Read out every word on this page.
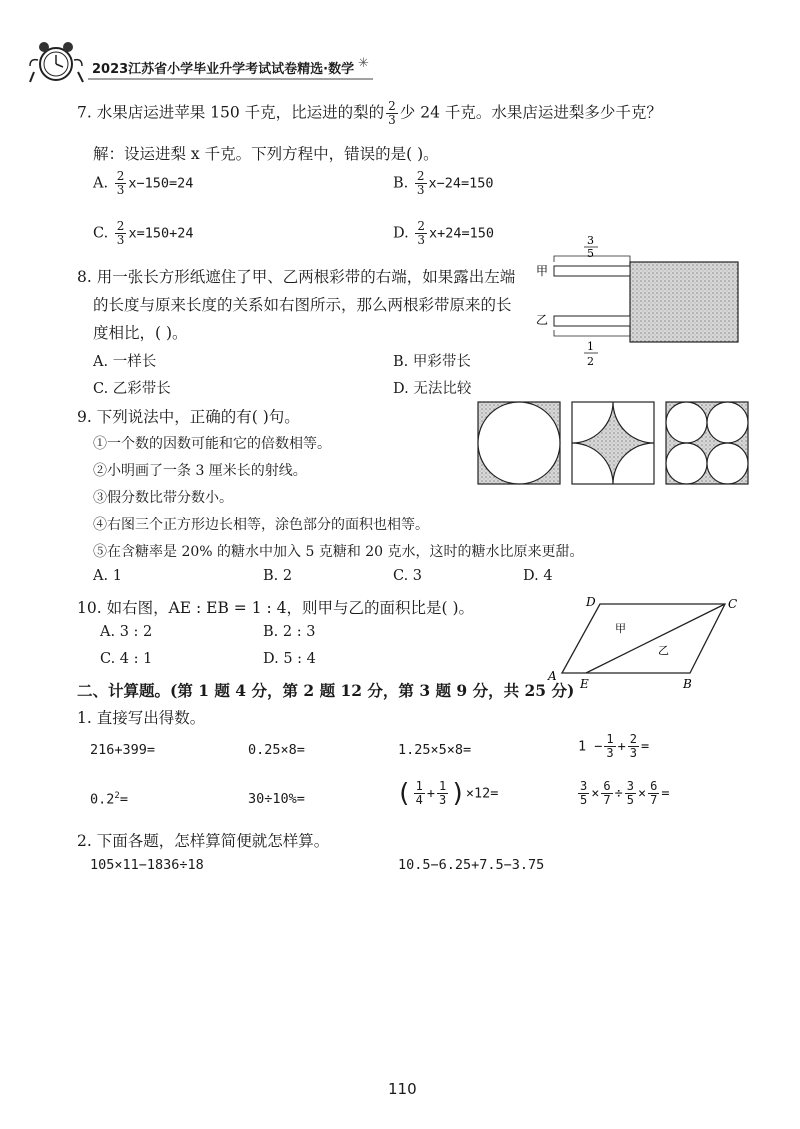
2023江苏省小学毕业升学考试试卷精选·数学 ✳
7. 水果店运进苹果 150 千克，比运进的梨的 $\frac{2}{3}$ 少 24 千克。水果店运进梨多少千克？
解：设运进梨 x 千克。下列方程中，错误的是( )。
A. $\frac{2}{3} x-150=24$	B. $\frac{2}{3} x-24=150$
C. $\frac{2}{3} x=150+24$	D. $\frac{2}{3} x+24=150$
8. 用一张长方形纸遮住了甲、乙两根彩带的右端，如果露出左端
的长度与原来长度的关系如右图所示，那么两根彩带原来的长
度相比，( )。
A. 一样长	B. 甲彩带长
C. 乙彩带长	D. 无法比较
甲
乙
3
5
1
2
9. 下列说法中，正确的有( )句。
①一个数的因数可能和它的倍数相等。
②小明画了一条 3 厘米长的射线。
③假分数比带分数小。
④右图三个正方形边长相等，涂色部分的面积也相等。
⑤在含糖率是 20% 的糖水中加入 5 克糖和 20 克水，这时的糖水比原来更甜。
A. 1	B. 2	C. 3	D. 4
10. 如右图，AE : EB = 1 : 4，则甲与乙的面积比是( )。
A. 3 : 2	B. 2 : 3
C. 4 : 1	D. 5 : 4
A
E	B
C
D
甲
乙
二、计算题。(第 1 题 4 分，第 2 题 12 分，第 3 题 9 分，共 25 分)
1. 直接写出得数。
216+399=	0.25×8=	1.25×5×8=	$1 - \frac{1}{3} + \frac{2}{3}$ =
$0.2^2=$	30÷10%=	( $\frac{1}{4} + \frac{1}{3} )\times 12=$	$\frac{3}{5} \times \frac{6}{7} \div \frac{3}{5} \times \frac{6}{7}$ =
2. 下面各题，怎样算简便就怎样算。
105×11−1836÷18	10.5−6.25+7.5−3.75
110
